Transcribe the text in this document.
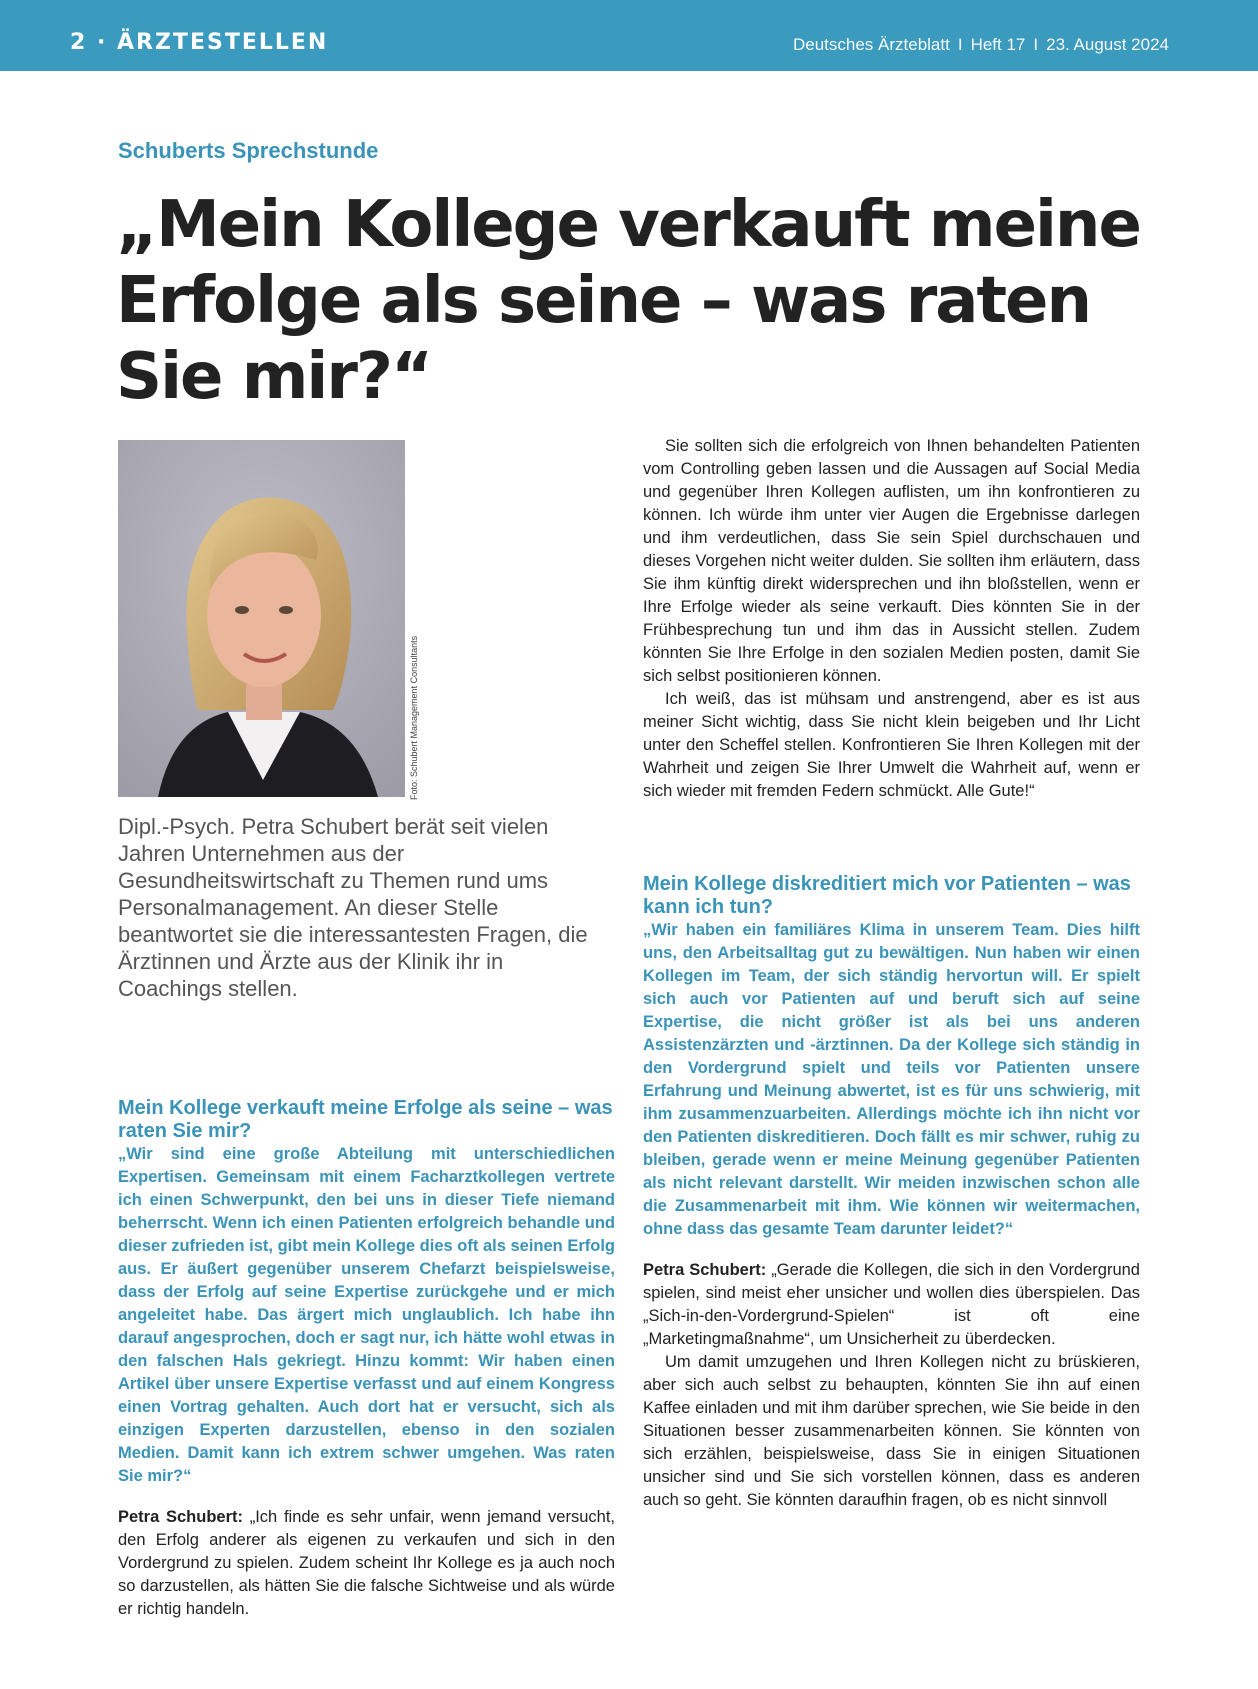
2 · ÄRZTESTELLEN	Deutsches Ärzteblatt I Heft 17 I 23. August 2024
Schuberts Sprechstunde
„Mein Kollege verkauft meine Erfolge als seine – was raten Sie mir?“
Foto: Schubert Management Consultants

Dipl.-Psych. Petra Schubert berät seit vielen Jahren Unternehmen aus der Gesundheitswirtschaft zu Themen rund ums Personalmanagement. An dieser Stelle beantwortet sie die interessantesten Fragen, die Ärztinnen und Ärzte aus der Klinik ihr in Coachings stellen.

Mein Kollege verkauft meine Erfolge als seine – was raten Sie mir?

„Wir sind eine große Abteilung mit unterschiedlichen Expertisen. Gemeinsam mit einem Facharztkollegen vertrete ich einen Schwerpunkt, den bei uns in dieser Tiefe niemand beherrscht. Wenn ich einen Patienten erfolgreich behandle und dieser zufrieden ist, gibt mein Kollege dies oft als seinen Erfolg aus. Er äußert gegenüber unserem Chefarzt beispielsweise, dass der Erfolg auf seine Expertise zurückgehe und er mich angeleitet habe. Das ärgert mich unglaublich. Ich habe ihn darauf angesprochen, doch er sagt nur, ich hätte wohl etwas in den falschen Hals gekriegt. Hinzu kommt: Wir haben einen Artikel über unsere Expertise verfasst und auf einem Kongress einen Vortrag gehalten. Auch dort hat er versucht, sich als einzigen Experten darzustellen, ebenso in den sozialen Medien. Damit kann ich extrem schwer umgehen. Was raten Sie mir?“

Petra Schubert: „Ich finde es sehr unfair, wenn jemand versucht, den Erfolg anderer als eigenen zu verkaufen und sich in den Vordergrund zu spielen. Zudem scheint Ihr Kollege es ja auch noch so darzustellen, als hätten Sie die falsche Sichtweise und als würde er richtig handeln.

Sie sollten sich die erfolgreich von Ihnen behandelten Patienten vom Controlling geben lassen und die Aussagen auf Social Media und gegenüber Ihren Kollegen auflisten, um ihn konfrontieren zu können. Ich würde ihm unter vier Augen die Ergebnisse darlegen und ihm verdeutlichen, dass Sie sein Spiel durchschauen und dieses Vorgehen nicht weiter dulden. Sie sollten ihm erläutern, dass Sie ihm künftig direkt widersprechen und ihn bloßstellen, wenn er Ihre Erfolge wieder als seine verkauft. Dies könnten Sie in der Frühbesprechung tun und ihm das in Aussicht stellen. Zudem könnten Sie Ihre Erfolge in den sozialen Medien posten, damit Sie sich selbst positionieren können.

Ich weiß, das ist mühsam und anstrengend, aber es ist aus meiner Sicht wichtig, dass Sie nicht klein beigeben und Ihr Licht unter den Scheffel stellen. Konfrontieren Sie Ihren Kollegen mit der Wahrheit und zeigen Sie Ihrer Umwelt die Wahrheit auf, wenn er sich wieder mit fremden Federn schmückt. Alle Gute!“

Mein Kollege diskreditiert mich vor Patienten – was kann ich tun?

„Wir haben ein familiäres Klima in unserem Team. Dies hilft uns, den Arbeitsalltag gut zu bewältigen. Nun haben wir einen Kollegen im Team, der sich ständig hervortun will. Er spielt sich auch vor Patienten auf und beruft sich auf seine Expertise, die nicht größer ist als bei uns anderen Assistenzärzten und -ärztinnen. Da der Kollege sich ständig in den Vordergrund spielt und teils vor Patienten unsere Erfahrung und Meinung abwertet, ist es für uns schwierig, mit ihm zusammenzuarbeiten. Allerdings möchte ich ihn nicht vor den Patienten diskreditieren. Doch fällt es mir schwer, ruhig zu bleiben, gerade wenn er meine Meinung gegenüber Patienten als nicht relevant darstellt. Wir meiden inzwischen schon alle die Zusammenarbeit mit ihm. Wie können wir weitermachen, ohne dass das gesamte Team darunter leidet?“

Petra Schubert: „Gerade die Kollegen, die sich in den Vordergrund spielen, sind meist eher unsicher und wollen dies überspielen. Das „Sich-in-den-Vordergrund-Spielen“ ist oft eine „Marketingmaßnahme“, um Unsicherheit zu überdecken.

Um damit umzugehen und Ihren Kollegen nicht zu brüskieren, aber sich auch selbst zu behaupten, könnten Sie ihn auf einen Kaffee einladen und mit ihm darüber sprechen, wie Sie beide in den Situationen besser zusammenarbeiten können. Sie könnten von sich erzählen, beispielsweise, dass Sie in einigen Situationen unsicher sind und Sie sich vorstellen können, dass es anderen auch so geht. Sie könnten daraufhin fragen, ob es nicht sinnvoll
